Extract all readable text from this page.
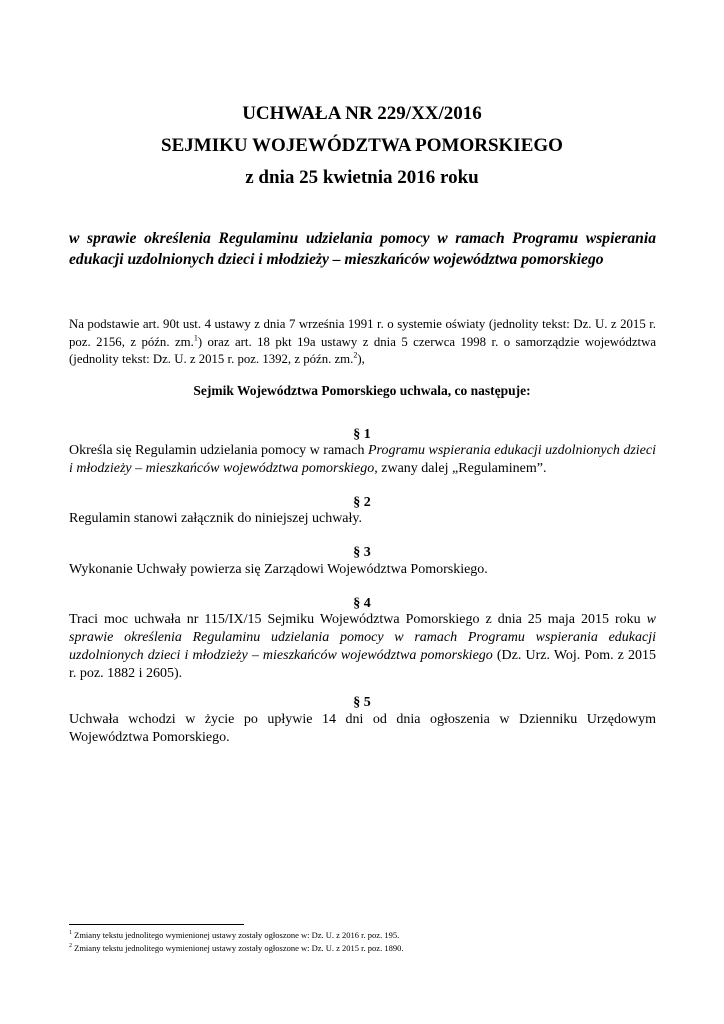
UCHWAŁA NR 229/XX/2016
SEJMIKU WOJEWÓDZTWA POMORSKIEGO
z dnia 25 kwietnia 2016 roku
w sprawie określenia Regulaminu udzielania pomocy w ramach Programu wspierania edukacji uzdolnionych dzieci i młodzieży – mieszkańców województwa pomorskiego
Na podstawie art. 90t ust. 4 ustawy z dnia 7 września 1991 r. o systemie oświaty (jednolity tekst: Dz. U. z 2015 r. poz. 2156, z późn. zm.$^1$) oraz art. 18 pkt 19a ustawy z dnia 5 czerwca 1998 r. o samorządzie województwa (jednolity tekst: Dz. U. z 2015 r. poz. 1392, z późn. zm.$^2$),
Sejmik Województwa Pomorskiego uchwala, co następuje:
§ 1
Określa się Regulamin udzielania pomocy w ramach Programu wspierania edukacji uzdolnionych dzieci i młodzieży – mieszkańców województwa pomorskiego, zwany dalej „Regulaminem”.
§ 2
Regulamin stanowi załącznik do niniejszej uchwały.
§ 3
Wykonanie Uchwały powierza się Zarządowi Województwa Pomorskiego.
§ 4
Traci moc uchwała nr 115/IX/15 Sejmiku Województwa Pomorskiego z dnia 25 maja 2015 roku w sprawie określenia Regulaminu udzielania pomocy w ramach Programu wspierania edukacji uzdolnionych dzieci i młodzieży – mieszkańców województwa pomorskiego (Dz. Urz. Woj. Pom. z 2015 r. poz. 1882 i 2605).
§ 5
Uchwała wchodzi w życie po upływie 14 dni od dnia ogłoszenia w Dzienniku Urzędowym Województwa Pomorskiego.
$^1$ Zmiany tekstu jednolitego wymienionej ustawy zostały ogłoszone w: Dz. U. z 2016 r. poz. 195.
$^2$ Zmiany tekstu jednolitego wymienionej ustawy zostały ogłoszone w: Dz. U. z 2015 r. poz. 1890.
